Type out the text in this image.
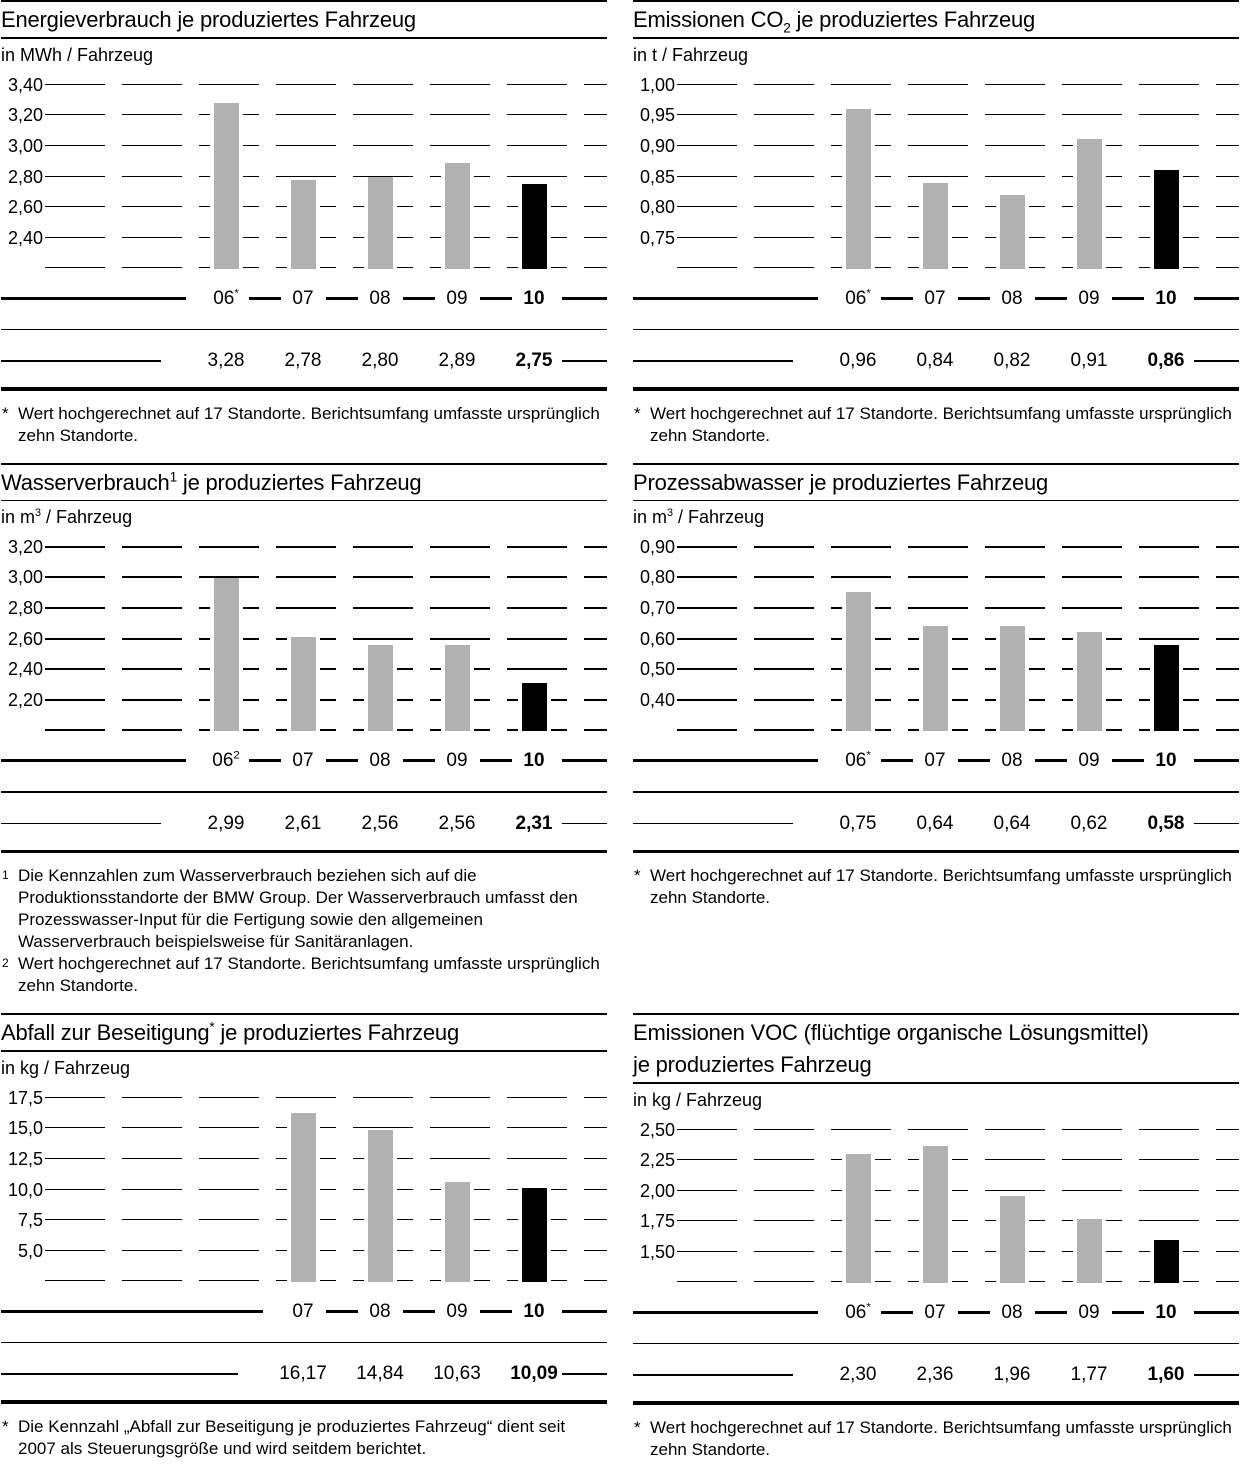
Energieverbrauch je produziertes Fahrzeug
in MWh / Fahrzeug
3,40
3,20
3,00
2,80
2,60
2,40
06*	07	08	09	10
3,28	2,78	2,80	2,89	2,75
* Wert hochgerechnet auf 17 Standorte. Berichtsumfang umfasste ursprünglich zehn Standorte.
Emissionen $CO_2$ je produziertes Fahrzeug
in t / Fahrzeug
1,00
0,95
0,90
0,85
0,80
0,75
06*	07	08	09	10
0,96	0,84	0,82	0,91	0,86
* Wert hochgerechnet auf 17 Standorte. Berichtsumfang umfasste ursprünglich zehn Standorte.
Wasserverbrauch$^1$ je produziertes Fahrzeug
in $m^3$ / Fahrzeug
3,20
3,00
2,80
2,60
2,40
2,20
$06^2$	07	08	09	10
2,99	2,61	2,56	2,56	2,31
1 Die Kennzahlen zum Wasserverbrauch beziehen sich auf die Produktionsstandorte der BMW Group. Der Wasserverbrauch umfasst den Prozesswasser-Input für die Fertigung sowie den allgemeinen Wasserverbrauch beispielsweise für Sanitäranlagen.
2 Wert hochgerechnet auf 17 Standorte. Berichtsumfang umfasste ursprünglich zehn Standorte.
Prozessabwasser je produziertes Fahrzeug
in $m^3$ / Fahrzeug
0,90
0,80
0,70
0,60
0,50
0,40
06*	07	08	09	10
0,75	0,64	0,64	0,62	0,58
* Wert hochgerechnet auf 17 Standorte. Berichtsumfang umfasste ursprünglich zehn Standorte.
Abfall zur Beseitigung* je produziertes Fahrzeug
in kg / Fahrzeug
17,5
15,0
12,5
10,0
7,5
5,0
07	08	09	10
16,17	14,84	10,63	10,09
* Die Kennzahl „Abfall zur Beseitigung je produziertes Fahrzeug“ dient seit 2007 als Steuerungsgröße und wird seitdem berichtet.
Emissionen VOC (flüchtige organische Lösungsmittel)
je produziertes Fahrzeug
in kg / Fahrzeug
2,50
2,25
2,00
1,75
1,50
06*	07	08	09	10
2,30	2,36	1,96	1,77	1,60
* Wert hochgerechnet auf 17 Standorte. Berichtsumfang umfasste ursprünglich zehn Standorte.
